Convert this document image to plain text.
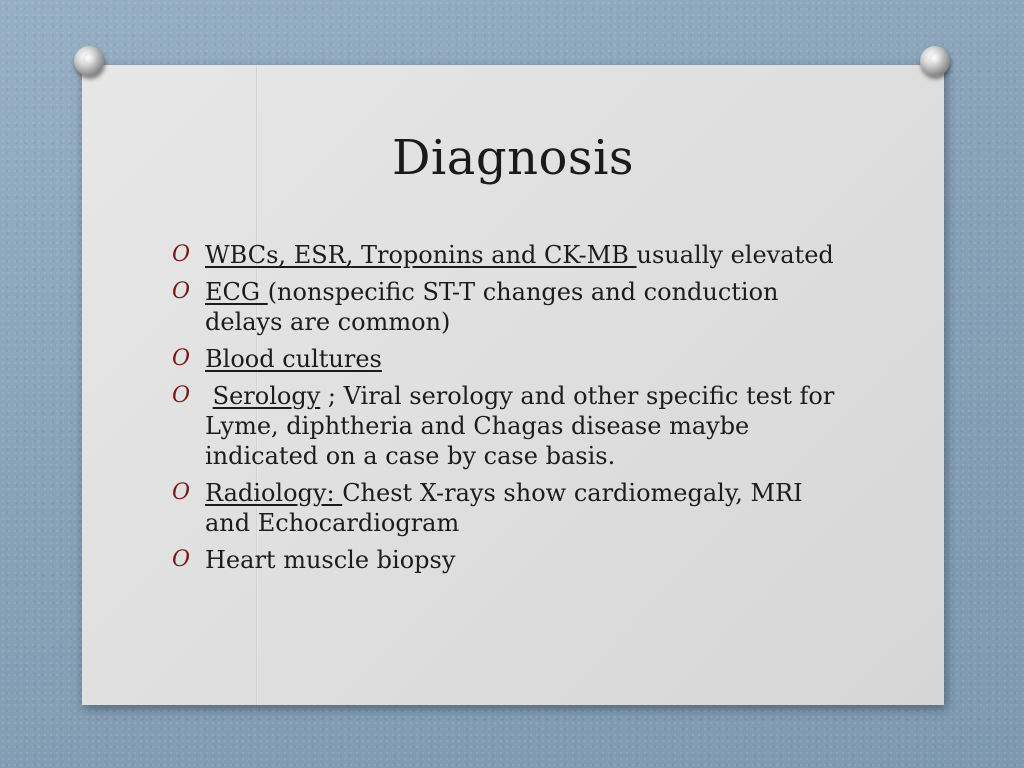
Diagnosis
O WBCs, ESR, Troponins and CK-MB usually elevated
O ECG (nonspecific ST-T changes and conduction delays are common)
O Blood cultures
O Serology ; Viral serology and other specific test for Lyme, diphtheria and Chagas disease maybe indicated on a case by case basis.
O Radiology: Chest X-rays show cardiomegaly, MRI and Echocardiogram
O Heart muscle biopsy
